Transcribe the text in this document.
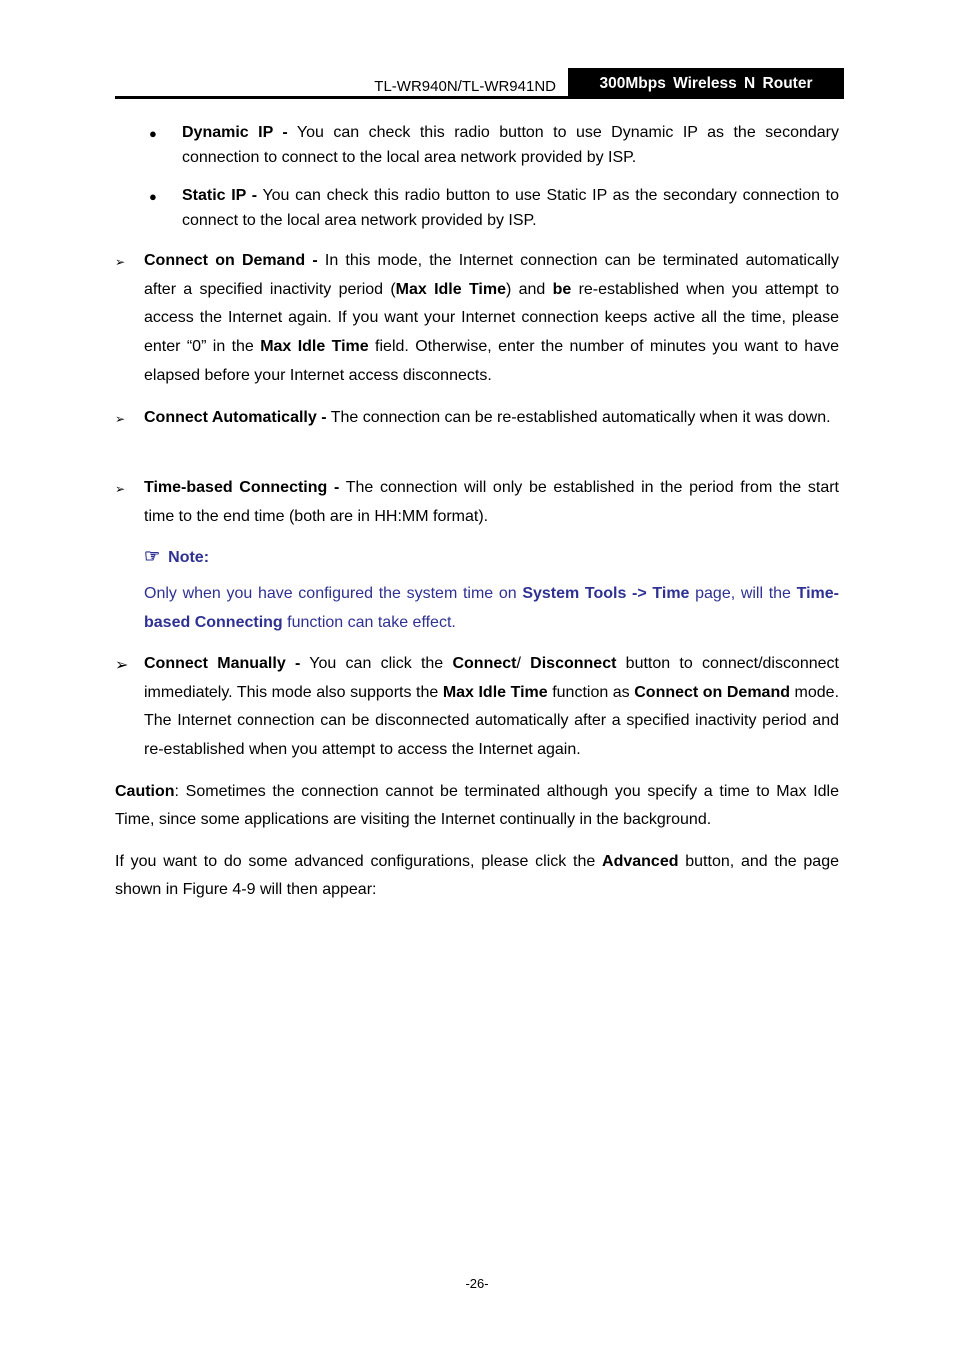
TL-WR940N/TL-WR941ND	300Mbps Wireless N Router
● Dynamic IP - You can check this radio button to use Dynamic IP as the secondary connection to connect to the local area network provided by ISP.
● Static IP - You can check this radio button to use Static IP as the secondary connection to connect to the local area network provided by ISP.
➢ Connect on Demand - In this mode, the Internet connection can be terminated automatically after a specified inactivity period (Max Idle Time) and be re-established when you attempt to access the Internet again. If you want your Internet connection keeps active all the time, please enter “0” in the Max Idle Time field. Otherwise, enter the number of minutes you want to have elapsed before your Internet access disconnects.
➢ Connect Automatically - The connection can be re-established automatically when it was down.
➢ Time-based Connecting - The connection will only be established in the period from the start time to the end time (both are in HH:MM format).
☞ Note:
Only when you have configured the system time on System Tools -> Time page, will the Time-based Connecting function can take effect.
➢ Connect Manually - You can click the Connect/ Disconnect button to connect/disconnect immediately. This mode also supports the Max Idle Time function as Connect on Demand mode. The Internet connection can be disconnected automatically after a specified inactivity period and re-established when you attempt to access the Internet again.
Caution: Sometimes the connection cannot be terminated although you specify a time to Max Idle Time, since some applications are visiting the Internet continually in the background.
If you want to do some advanced configurations, please click the Advanced button, and the page shown in Figure 4-9 will then appear:
-26-
